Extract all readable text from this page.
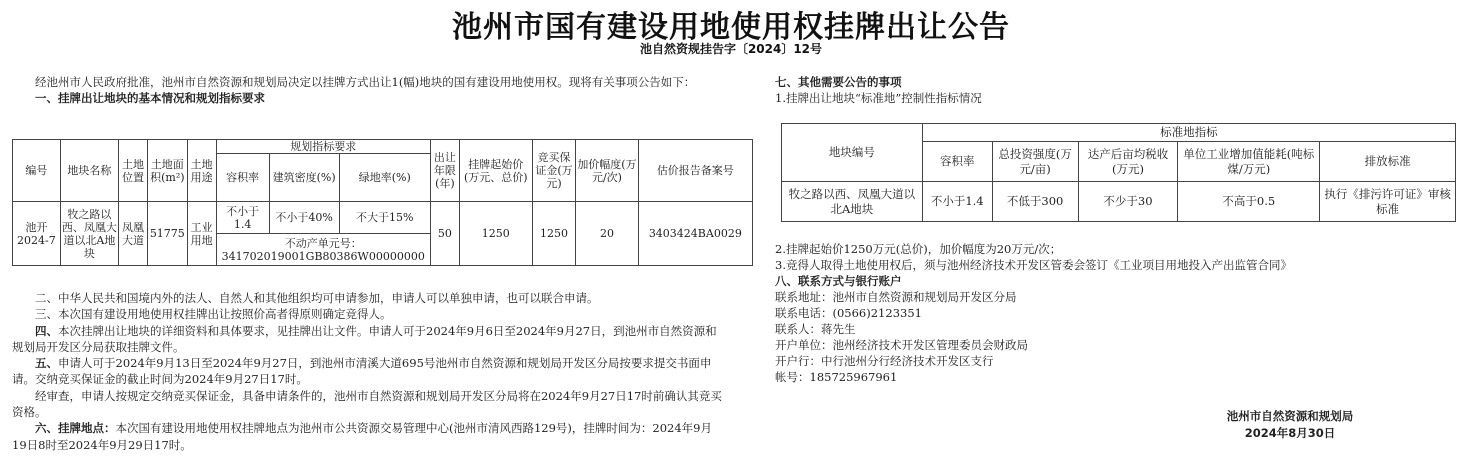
池州市国有建设用地使用权挂牌出让公告
池自然资规挂告字〔2024〕12号

经池州市人民政府批准，池州市自然资源和规划局决定以挂牌方式出让1(幅)地块的国有建设用地使用权。现将有关事项公告如下：

一、挂牌出让地块的基本情况和规划指标要求

编号	地块名称	土地位置	土地面积(m²)	土地用途	规划指标要求			出让年限(年)	挂牌起始价(万元、总价)	竞买保证金(万元)	加价幅度(万元/次)	估价报告备案号
					容积率	建筑密度(%)	绿地率(%)					

池开2024-7	牧之路以西、凤凰大道以北A地块	凤凰大道	51775	工业用地	不小于1.4	不小于40%	不大于15%	50	1250	1250	20	3403424BA0029

					不动产单元号：
341702019001GB80386W00000000							

二、中华人民共和国境内外的法人、自然人和其他组织均可申请参加，申请人可以单独申请，也可以联合申请。

三、本次国有建设用地使用权挂牌出让按照价高者得原则确定竞得人。

四、本次挂牌出让地块的详细资料和具体要求，见挂牌出让文件。申请人可于2024年9月6日至2024年9月27日，到池州市自然资源和规划局开发区分局获取挂牌文件。

五、申请人可于2024年9月13日至2024年9月27日，到池州市清溪大道695号池州市自然资源和规划局开发区分局按要求提交书面申请。交纳竞买保证金的截止时间为2024年9月27日17时。

经审查，申请人按规定交纳竞买保证金，具备申请条件的，池州市自然资源和规划局开发区分局将在2024年9月27日17时前确认其竞买资格。

六、挂牌地点：本次国有建设用地使用权挂牌地点为池州市公共资源交易管理中心(池州市清风西路129号)，挂牌时间为：2024年9月19日8时至2024年9月29日17时。

七、其他需要公告的事项

1.挂牌出让地块“标准地”控制性指标情况

地块编号	标准地指标				
	容积率	总投资强度(万元/亩)	达产后亩均税收(万元)	单位工业增加值能耗(吨标煤/万元)	排放标准
牧之路以西、凤凰大道以北A地块	不小于1.4	不低于300	不少于30	不高于0.5	执行《排污许可证》审核标准

2.挂牌起始价1250万元(总价)，加价幅度为20万元/次；

3.竞得人取得土地使用权后，须与池州经济技术开发区管委会签订《工业项目用地投入产出监管合同》

八、联系方式与银行账户

联系地址：池州市自然资源和规划局开发区分局

联系电话：(0566)2123351

联系人：蒋先生

开户单位：池州经济技术开发区管理委员会财政局

开户行：中行池州分行经济技术开发区支行

帐号：185725967961

池州市自然资源和规划局
2024年8月30日
